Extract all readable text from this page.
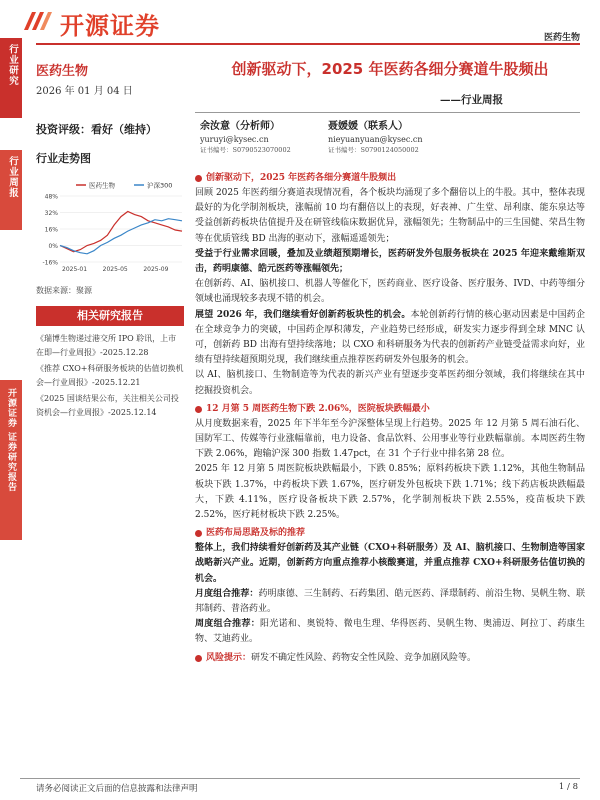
开源证券	医药生物
行业研究
行业周报
开源证券 证券研究报告
医药生物
2026 年 01 月 04 日
投资评级：看好（维持）
行业走势图
48%
32%
16%
0%
-16%
2025-01	2025-05	2025-09
医药生物	沪深300
数据来源：聚源
相关研究报告
《瑞博生物递过港交所 IPO 聆讯，上市在即—行业周报》-2025.12.28
《推荐 CXO+科研服务板块的估值切换机会—行业周报》-2025.12.21
《2025 国谈结果公布，关注相关公司投资机会—行业周报》-2025.12.14
创新驱动下，2025 年医药各细分赛道牛股频出
——行业周报
余汝意（分析师）
yuruyi@kysec.cn
证书编号：S0790523070002
聂媛媛（联系人）
nieyuanyuan@kysec.cn
证书编号：S0790124050002
创新驱动下，2025 年医药各细分赛道牛股频出

回顾 2025 年医药细分赛道表现情况看，各个板块均涌现了多个翻倍以上的牛股。其中，整体表现最好的为化学制剂板块，涨幅前 10 均有翻倍以上的表现，好表神、广生堂、昂利康、能东泉达等受益创新药板块估值提升及在研管线临床数据优异，涨幅领先；生物制品中的三生国健、荣昌生物等在优质管线 BD 出海的驱动下，涨幅遥遥领先；

受益于行业需求回暖，叠加及业绩超预期增长，医药研发外包服务板块在 2025 年迎来戴维斯双击，药明康德、皓元医药等涨幅领先；

在创新药、AI、脑机接口、机器人等催化下，医药商业、医疗设备、医疗服务、IVD、中药等细分领域也涌现较多表现不错的机会。

展望 2026 年，我们继续看好创新药板块性的机会。本轮创新药行情的核心驱动因素是中国药企在全球竞争力的突破，中国药企厚积薄发，产业趋势已经形成，研发实力逐步得到全球 MNC 认可，创新药 BD 出海有望持续落地；以 CXO 和科研服务为代表的创新药产业链受益需求向好，业绩有望持续超预期兑现，我们继续重点推荐医药研发外包服务的机会。

以 AI、脑机接口、生物制造等为代表的新兴产业有望逐步变革医药细分领域，我们将继续在其中挖掘投资机会。

12 月第 5 周医药生物下跌 2.06%，医院板块跌幅最小

从月度数据来看，2025 年下半年至今沪深整体呈现上行趋势。2025 年 12 月第 5 周石油石化、国防军工、传媒等行业涨幅靠前，电力设备、食品饮料、公用事业等行业跌幅靠前。本周医药生物下跌 2.06%，跑输沪深 300 指数 1.47pct，在 31 个子行业中排名第 28 位。

2025 年 12 月第 5 周医院板块跌幅最小，下跌 0.85%；原料药板块下跌 1.12%，其他生物制品板块下跌 1.37%，中药板块下跌 1.67%，医疗研发外包板块下跌 1.71%；线下药店板块跌幅最大，下跌 4.11%，医疗设备板块下跌 2.57%，化学制剂板块下跌 2.55%，疫苗板块下跌 2.52%，医疗耗材板块下跌 2.25%。

医药布局思路及标的推荐

整体上，我们持续看好创新药及其产业链（CXO+科研服务）及 AI、脑机接口、生物制造等国家战略新兴产业。近期，创新药方向重点推荐小核酸赛道，并重点推荐 CXO+科研服务估值切换的机会。

月度组合推荐：药明康德、三生制药、石药集团、皓元医药、泽璟制药、前沿生物、昊帆生物、联邦制药、普洛药业。

周度组合推荐：阳光诺和、奥锐特、微电生理、华得医药、昊帆生物、奥浦迈、阿拉丁、药康生物、艾迪药业。

风险提示： 研发不确定性风险、药物安全性风险、竞争加剧风险等。
请务必阅读正文后面的信息披露和法律声明	1 / 8
